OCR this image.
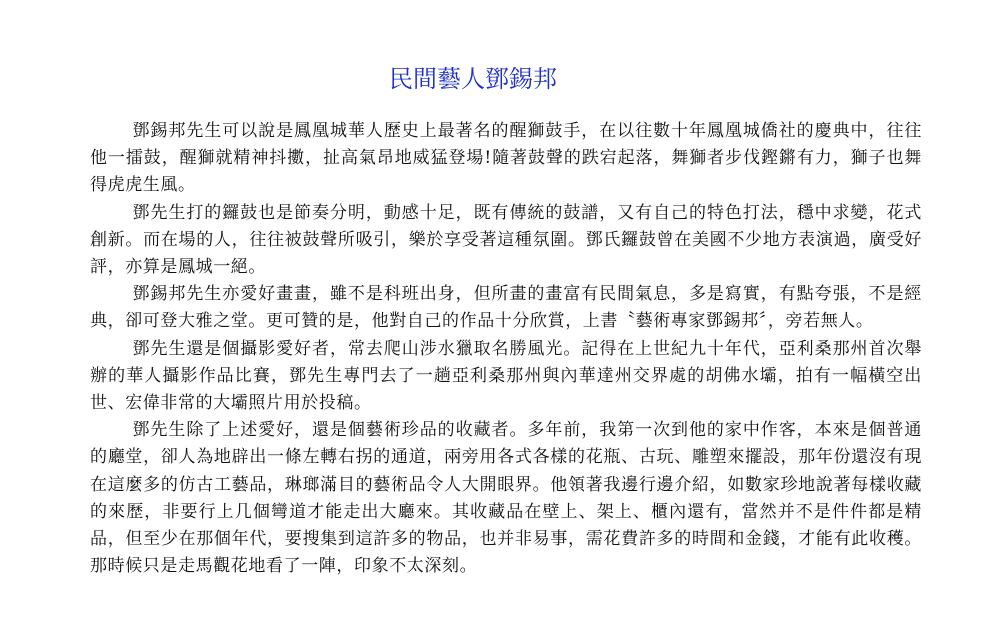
民間藝人鄧錫邦

鄧錫邦先生可以說是鳳凰城華人歷史上最著名的醒獅鼓手，在以往數十年鳳凰城僑社的慶典中，往往他一擂鼓，醒獅就精神抖擻，扯高氣昂地威猛登場!隨著鼓聲的跌宕起落，舞獅者步伐鏗鏘有力，獅子也舞得虎虎生風。

鄧先生打的鑼鼓也是節奏分明，動感十足，既有傳統的鼓譜，又有自己的特色打法，穩中求變，花式創新。而在場的人，往往被鼓聲所吸引，樂於享受著這種氛圍。鄧氏鑼鼓曾在美國不少地方表演過，廣受好評，亦算是鳳城一絕。

鄧錫邦先生亦愛好畫畫，雖不是科班出身，但所畫的畫富有民間氣息，多是寫實，有點夸張，不是經典，卻可登大雅之堂。更可贊的是，他對自己的作品十分欣賞，上書〝藝術專家鄧錫邦〞，旁若無人。

鄧先生還是個攝影愛好者，常去爬山涉水獵取名勝風光。記得在上世紀九十年代，亞利桑那州首次舉辦的華人攝影作品比賽，鄧先生專門去了一趟亞利桑那州與內華達州交界處的胡佛水壩，拍有一幅橫空出世、宏偉非常的大壩照片用於投稿。

鄧先生除了上述愛好，還是個藝術珍品的收藏者。多年前，我第一次到他的家中作客，本來是個普通的廳堂，卻人為地辟出一條左轉右拐的通道，兩旁用各式各樣的花瓶、古玩、雕塑來擺設，那年份還沒有現在這麼多的仿古工藝品，琳瑯滿目的藝術品令人大開眼界。他領著我邊行邊介紹，如數家珍地說著每樣收藏的來歷，非要行上几個彎道才能走出大廳來。其收藏品在壁上、架上、櫃內還有，當然并不是件件都是精品，但至少在那個年代，要搜集到這許多的物品，也并非易事，需花費許多的時間和金錢，才能有此收穫。那時候只是走馬觀花地看了一陣，印象不太深刻。
